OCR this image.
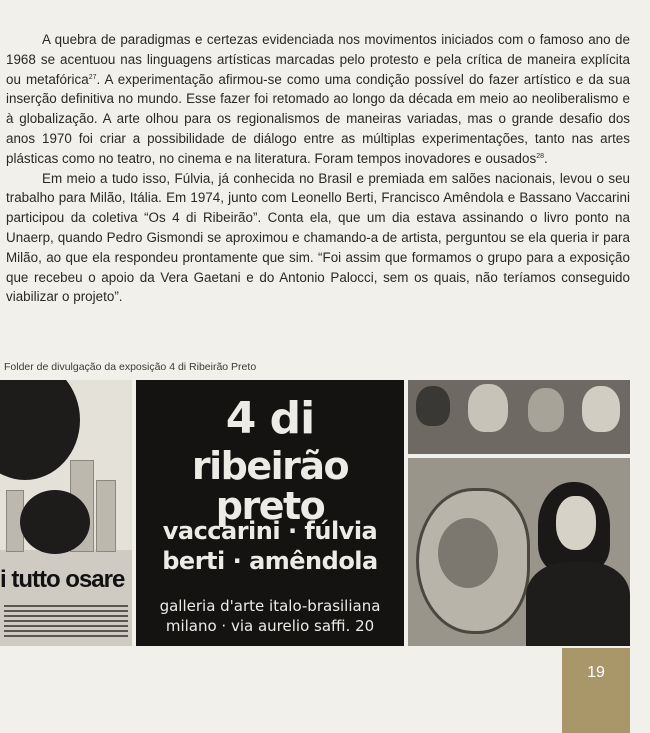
A quebra de paradigmas e certezas evidenciada nos movimentos iniciados com o famoso ano de 1968 se acentuou nas linguagens artísticas marcadas pelo protesto e pela crítica de maneira explícita ou metafórica$^{27}$. A experimentação afirmou-se como uma condição possível do fazer artístico e da sua inserção definitiva no mundo. Esse fazer foi retomado ao longo da década em meio ao neoliberalismo e à globalização. A arte olhou para os regionalismos de maneiras variadas, mas o grande desafio dos anos 1970 foi criar a possibilidade de diálogo entre as múltiplas experimentações, tanto nas artes plásticas como no teatro, no cinema e na literatura. Foram tempos inovadores e ousados$^{28}$.

Em meio a tudo isso, Fúlvia, já conhecida no Brasil e premiada em salões nacionais, levou o seu trabalho para Milão, Itália. Em 1974, junto com Leonello Berti, Francisco Amêndola e Bassano Vaccarini participou da coletiva “Os 4 di Ribeirão”. Conta ela, que um dia estava assinando o livro ponto na Unaerp, quando Pedro Gismondi se aproximou e chamando-a de artista, perguntou se ela queria ir para Milão, ao que ela respondeu prontamente que sim. “Foi assim que formamos o grupo para a exposição que recebeu o apoio da Vera Gaetani e do Antonio Palocci, sem os quais, não teríamos conseguido viabilizar o projeto”.

Folder de divulgação da exposição 4 di Ribeirão Preto
i tutto osare
4 di
ribeirão preto
vaccarini · fúlvia
berti · amêndola
galleria d'arte italo-brasiliana
milano · via aurelio saffi. 20
19
